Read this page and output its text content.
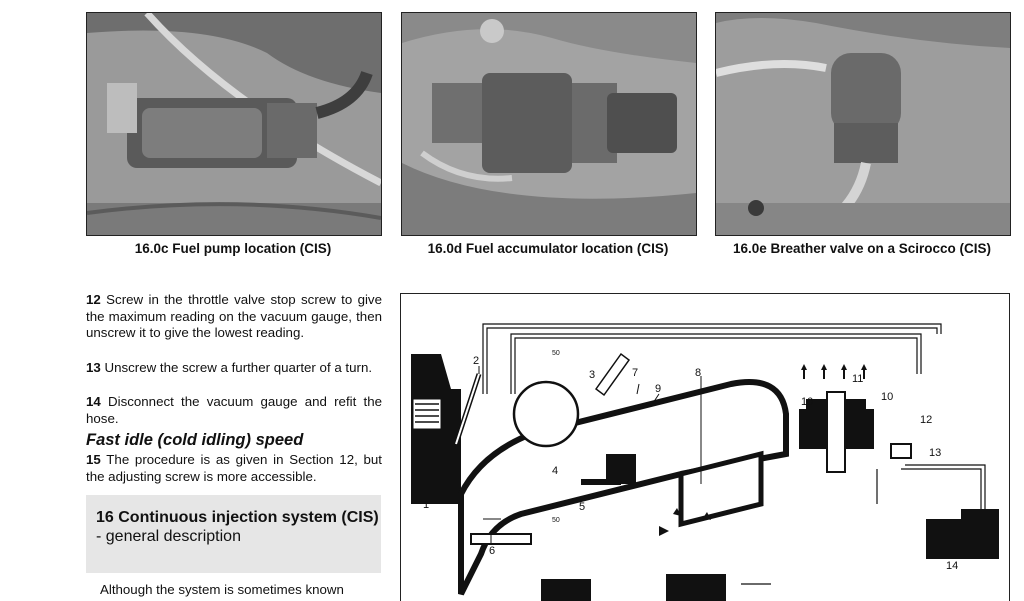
16.0c Fuel pump location (CIS)	16.0d Fuel accumulator location (CIS)	16.0e Breather valve on a Scirocco (CIS)
12 Screw in the throttle valve stop screw to give the maximum reading on the vacuum gauge, then unscrew it to give the lowest reading.
13 Unscrew the screw a further quarter of a turn.
14 Disconnect the vacuum gauge and refit the hose.
Fast idle (cold idling) speed
15 The procedure is as given in Section 12, but the adjusting screw is more accessible.
16 Continuous injection system (CIS) - general description
Although the system is sometimes known
1
2
3
4
5
6
7	8
9
10	10
11
12
13
14
50
50
